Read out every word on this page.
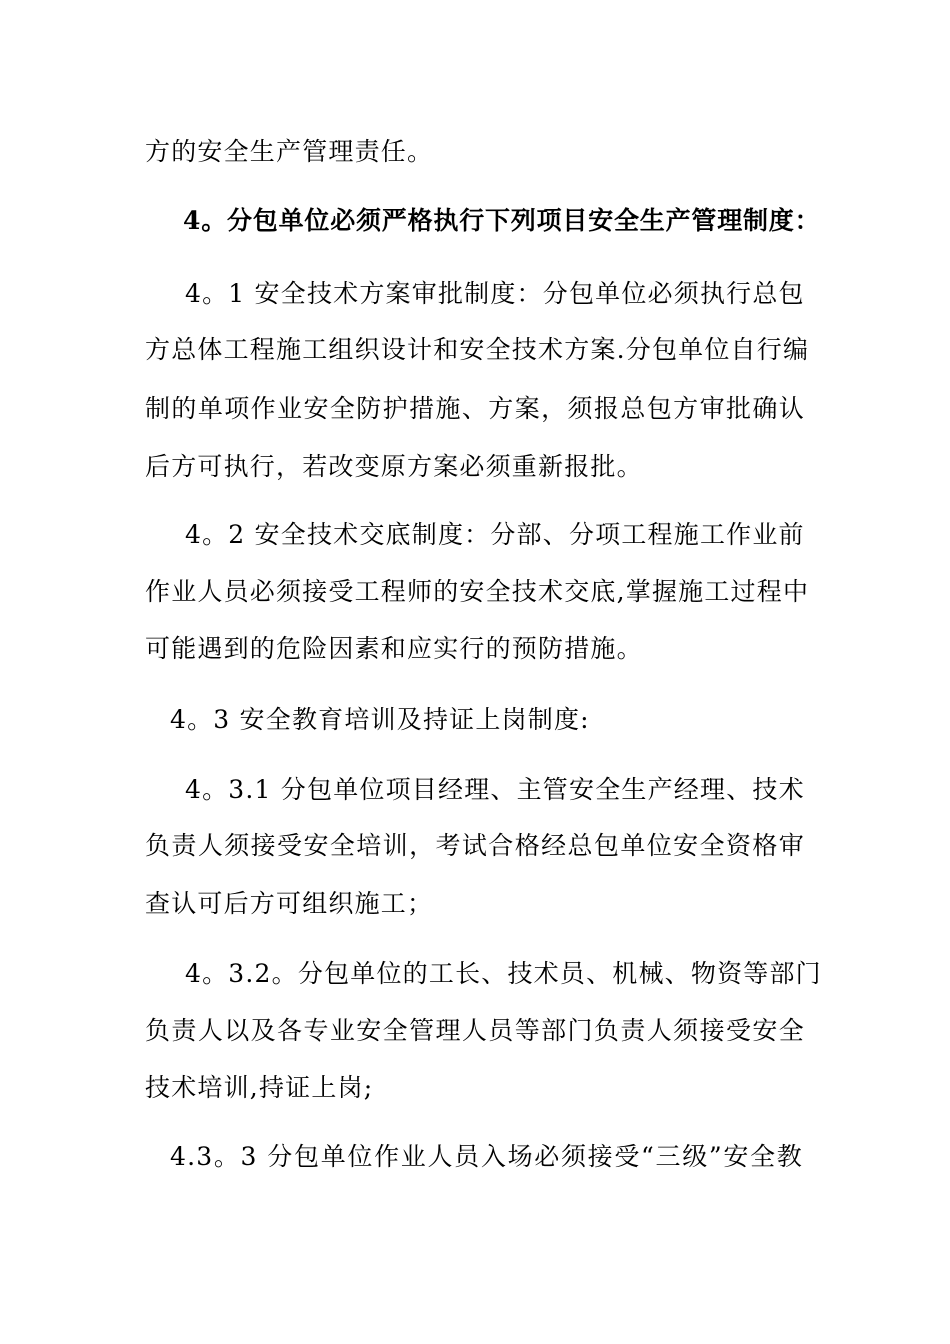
方的安全生产管理责任。
4。分包单位必须严格执行下列项目安全生产管理制度：
4。1 安全技术方案审批制度：分包单位必须执行总包
方总体工程施工组织设计和安全技术方案.分包单位自行编
制的单项作业安全防护措施、方案，须报总包方审批确认
后方可执行，若改变原方案必须重新报批。
4。2 安全技术交底制度：分部、分项工程施工作业前
作业人员必须接受工程师的安全技术交底,掌握施工过程中
可能遇到的危险因素和应实行的预防措施。
4。3 安全教育培训及持证上岗制度:
4。3.1 分包单位项目经理、主管安全生产经理、技术
负责人须接受安全培训，考试合格经总包单位安全资格审
查认可后方可组织施工；
4。3.2。分包单位的工长、技术员、机械、物资等部门
负责人以及各专业安全管理人员等部门负责人须接受安全
技术培训,持证上岗;
4.3。3 分包单位作业人员入场必须接受“三级”安全教
